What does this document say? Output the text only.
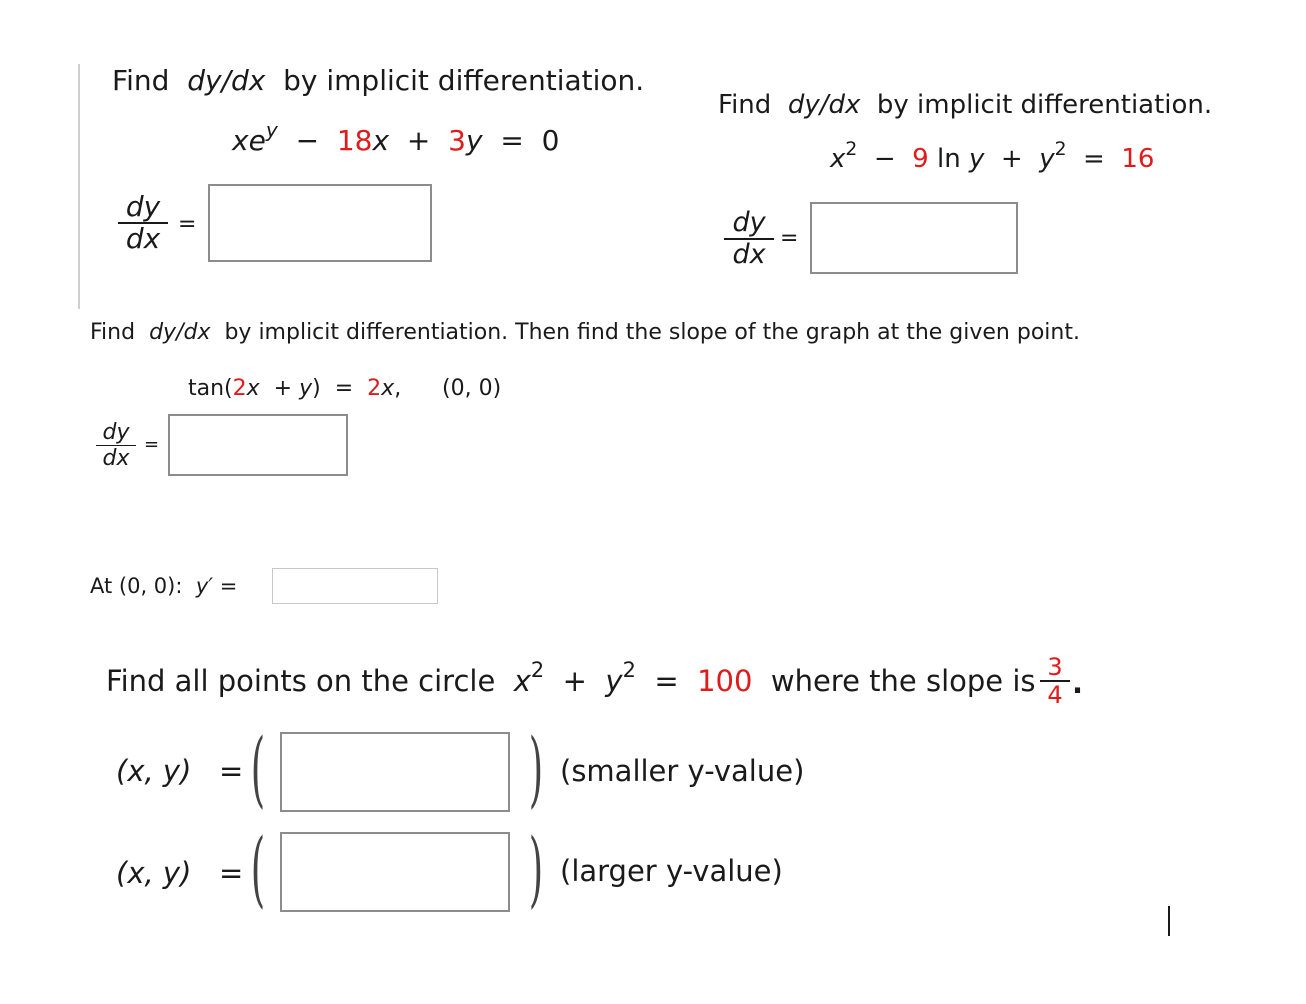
Find dy/dx by implicit differentiation.
$xe^y - 18x + 3y = 0$
$\frac{dy}{dx}$ =
Find dy/dx by implicit differentiation.
$x^2 - 9$ $\ln y + y^2 = 16$
$\frac{dy}{dx}$ =
Find dy/dx by implicit differentiation. Then find the slope of the graph at the given point.
tan(2x + y) = 2x, (0, 0)
$\frac{dy}{dx}$ =
At (0, 0): y′ =
Find all points on the circle $x^2 + y^2 = 100$ where the slope is $\frac{3}{4}$ .
(x, y) = (	) (smaller y-value)
(x, y) = (	) (larger y-value)
